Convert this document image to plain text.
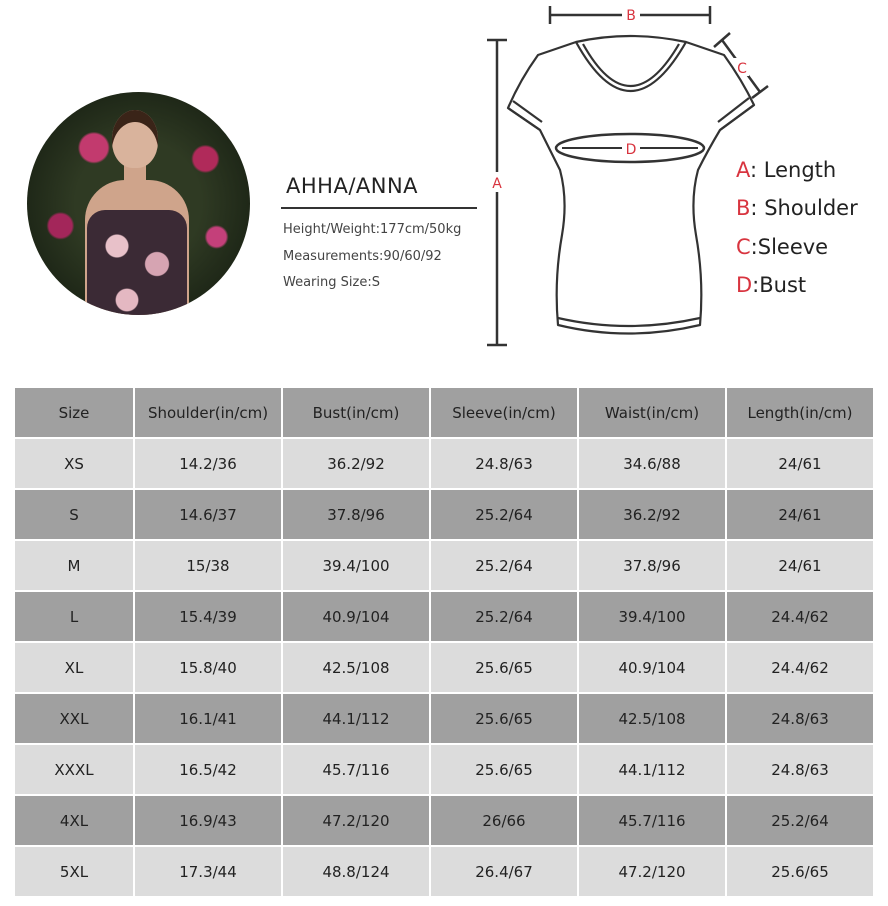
AHHA/ANNA
Height/Weight:177cm/50kg
Measurements:90/60/92
Wearing Size:S
A
B
C
D
A: Length
B: Shoulder
C:Sleeve
D:Bust
Size	Shoulder(in/cm)	Bust(in/cm)	Sleeve(in/cm)	Waist(in/cm)	Length(in/cm)
XS	14.2/36	36.2/92	24.8/63	34.6/88	24/61
S	14.6/37	37.8/96	25.2/64	36.2/92	24/61
M	15/38	39.4/100	25.2/64	37.8/96	24/61
L	15.4/39	40.9/104	25.2/64	39.4/100	24.4/62
XL	15.8/40	42.5/108	25.6/65	40.9/104	24.4/62
XXL	16.1/41	44.1/112	25.6/65	42.5/108	24.8/63
XXXL	16.5/42	45.7/116	25.6/65	44.1/112	24.8/63
4XL	16.9/43	47.2/120	26/66	45.7/116	25.2/64
5XL	17.3/44	48.8/124	26.4/67	47.2/120	25.6/65
